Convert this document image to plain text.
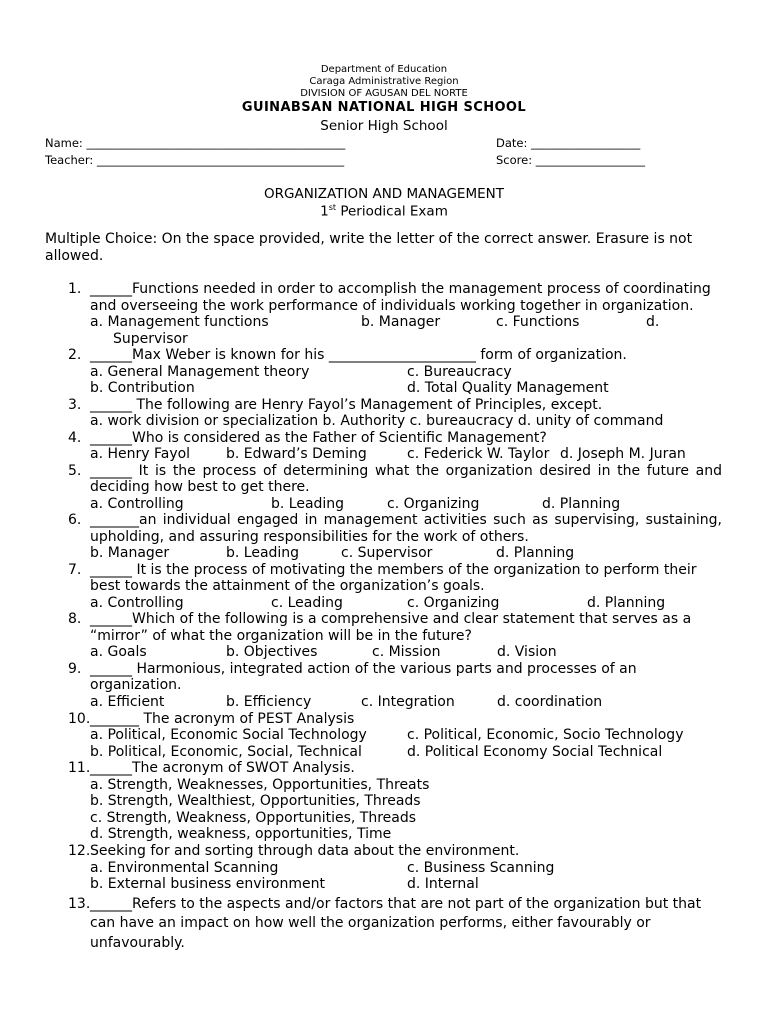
Department of Education
Caraga Administrative Region
DIVISION OF AGUSAN DEL NORTE
GUINABSAN NATIONAL HIGH SCHOOL
Senior High School
Name: _____________________________________________	Date: ___________________
Teacher: ___________________________________________	Score: ___________________
ORGANIZATION AND MANAGEMENT
1st Periodical Exam
Multiple Choice: On the space provided, write the letter of the correct answer. Erasure is not
allowed.
1. ______Functions needed in order to accomplish the management process of coordinating
and overseeing the work performance of individuals working together in organization.
a. Management functions	b. Manager	c. Functions	d.
Supervisor
2. ______Max Weber is known for his _____________________ form of organization.
a. General Management theory	c. Bureaucracy
b. Contribution	d. Total Quality Management
3. ______ The following are Henry Fayol’s Management of Principles, except.
a. work division or specialization b. Authority c. bureaucracy d. unity of command
4. ______Who is considered as the Father of Scientific Management?
a. Henry Fayol	b. Edward’s Deming	c. Federick W. Taylor d. Joseph M. Juran
5. ______ It is the process of determining what the organization desired in the future and
deciding how best to get there.
a. Controlling	b. Leading	c. Organizing	d. Planning
6. _______an individual engaged in management activities such as supervising, sustaining,
upholding, and assuring responsibilities for the work of others.
b. Manager	b. Leading	c. Supervisor	d. Planning
7. ______ It is the process of motivating the members of the organization to perform their
best towards the attainment of the organization’s goals.
a. Controlling	c. Leading	c. Organizing	d. Planning
8. ______Which of the following is a comprehensive and clear statement that serves as a
“mirror” of what the organization will be in the future?
a. Goals	b. Objectives	c. Mission	d. Vision
9. ______ Harmonious, integrated action of the various parts and processes of an
organization.
a. Efficient	b. Efficiency	c. Integration	d. coordination
10. _______ The acronym of PEST Analysis
a. Political, Economic Social Technology	c. Political, Economic, Socio Technology
b. Political, Economic, Social, Technical	d. Political Economy Social Technical
11. ______The acronym of SWOT Analysis.
a. Strength, Weaknesses, Opportunities, Threats
b. Strength, Wealthiest, Opportunities, Threads
c. Strength, Weakness, Opportunities, Threads
d. Strength, weakness, opportunities, Time
12. Seeking for and sorting through data about the environment.
a. Environmental Scanning	c. Business Scanning
b. External business environment	d. Internal
13. ______Refers to the aspects and/or factors that are not part of the organization but that
can have an impact on how well the organization performs, either favourably or
unfavourably.
